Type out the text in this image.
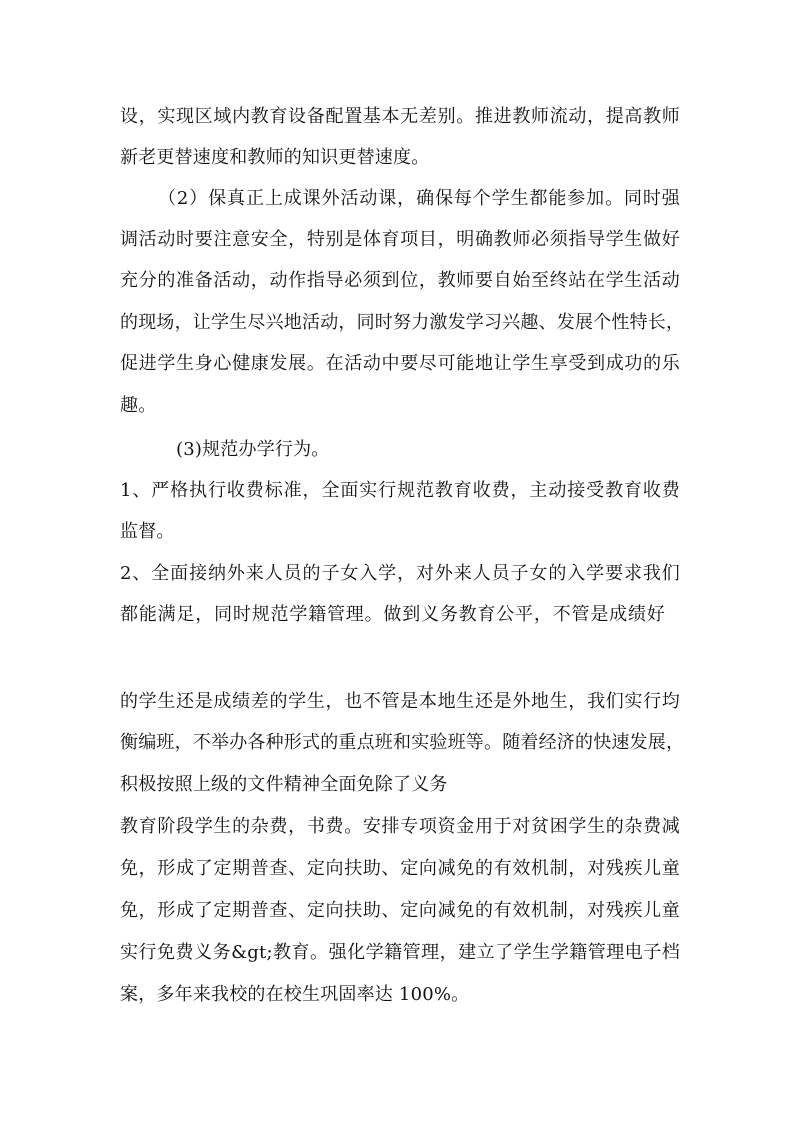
设，实现区域内教育设备配置基本无差别。推进教师流动，提高教师
新老更替速度和教师的知识更替速度。
（2）保真正上成课外活动课，确保每个学生都能参加。同时强
调活动时要注意安全，特别是体育项目，明确教师必须指导学生做好
充分的准备活动，动作指导必须到位，教师要自始至终站在学生活动
的现场，让学生尽兴地活动，同时努力激发学习兴趣、发展个性特长，
促进学生身心健康发展。在活动中要尽可能地让学生享受到成功的乐
趣。
(3)规范办学行为。
1、严格执行收费标准，全面实行规范教育收费，主动接受教育收费
监督。
2、全面接纳外来人员的子女入学，对外来人员子女的入学要求我们
都能满足，同时规范学籍管理。做到义务教育公平，不管是成绩好
的学生还是成绩差的学生，也不管是本地生还是外地生，我们实行均
衡编班，不举办各种形式的重点班和实验班等。随着经济的快速发展，
积极按照上级的文件精神全面免除了义务
教育阶段学生的杂费，书费。安排专项资金用于对贫困学生的杂费减
免，形成了定期普查、定向扶助、定向减免的有效机制，对残疾儿童
免，形成了定期普查、定向扶助、定向减免的有效机制，对残疾儿童
实行免费义务&gt;教育。强化学籍管理，建立了学生学籍管理电子档
案，多年来我校的在校生巩固率达 100%。
